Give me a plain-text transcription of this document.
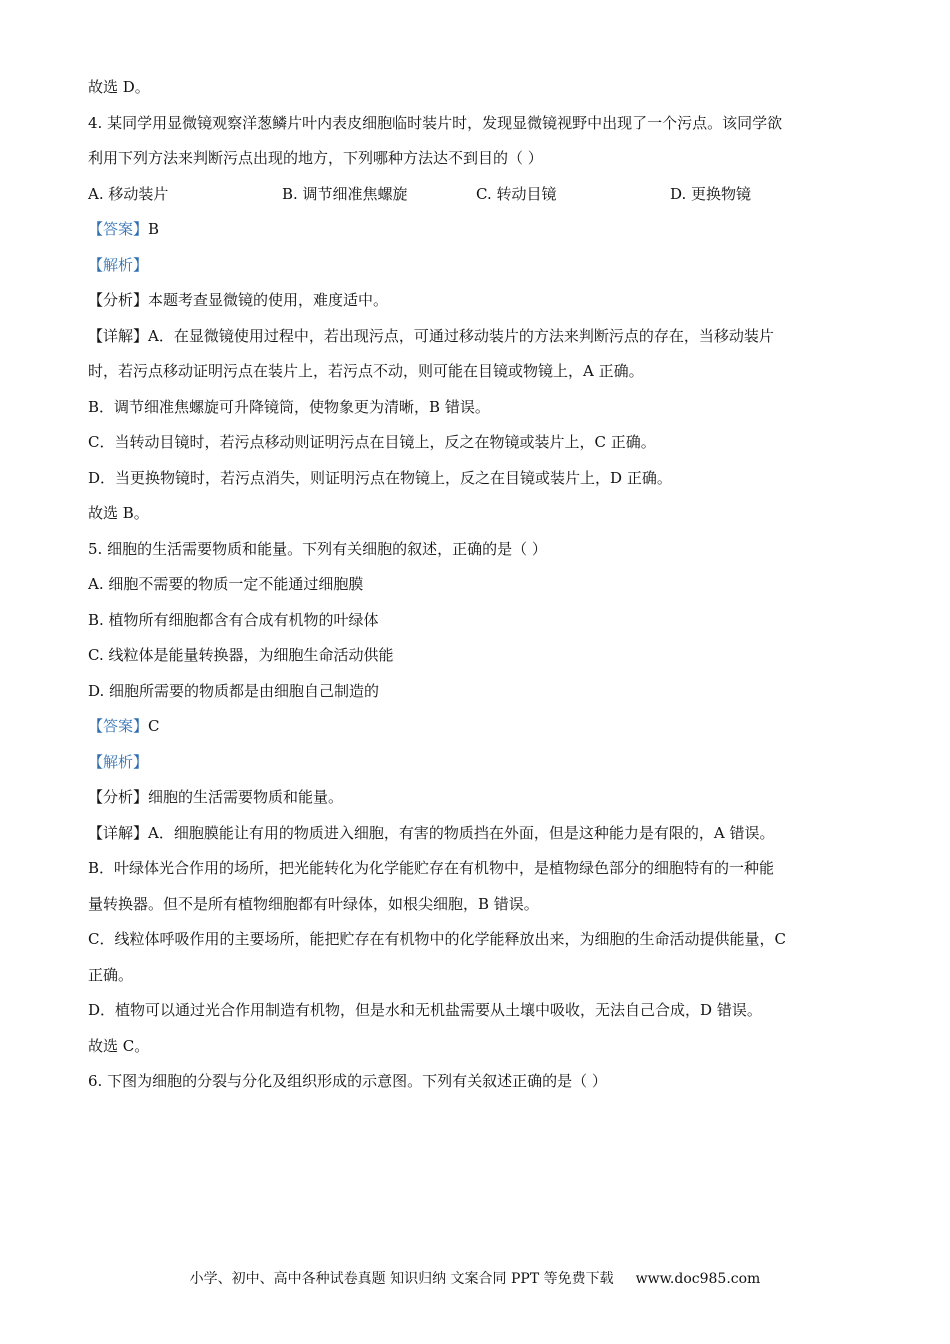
故选 D。
4. 某同学用显微镜观察洋葱鳞片叶内表皮细胞临时装片时，发现显微镜视野中出现了一个污点。该同学欲
利用下列方法来判断污点出现的地方，下列哪种方法达不到目的（ ）
A. 移动装片	B. 调节细准焦螺旋	C. 转动目镜	D. 更换物镜
【答案】B
【解析】
【分析】本题考查显微镜的使用，难度适中。
【详解】A．在显微镜使用过程中，若出现污点，可通过移动装片的方法来判断污点的存在，当移动装片
时，若污点移动证明污点在装片上，若污点不动，则可能在目镜或物镜上，A 正确。
B．调节细准焦螺旋可升降镜筒，使物象更为清晰，B 错误。
C．当转动目镜时，若污点移动则证明污点在目镜上，反之在物镜或装片上，C 正确。
D．当更换物镜时，若污点消失，则证明污点在物镜上，反之在目镜或装片上，D 正确。
故选 B。
5. 细胞的生活需要物质和能量。下列有关细胞的叙述，正确的是（ ）
A. 细胞不需要的物质一定不能通过细胞膜
B. 植物所有细胞都含有合成有机物的叶绿体
C. 线粒体是能量转换器，为细胞生命活动供能
D. 细胞所需要的物质都是由细胞自己制造的
【答案】C
【解析】
【分析】细胞的生活需要物质和能量。
【详解】A．细胞膜能让有用的物质进入细胞，有害的物质挡在外面，但是这种能力是有限的，A 错误。
B．叶绿体光合作用的场所，把光能转化为化学能贮存在有机物中，是植物绿色部分的细胞特有的一种能
量转换器。但不是所有植物细胞都有叶绿体，如根尖细胞，B 错误。
C．线粒体呼吸作用的主要场所，能把贮存在有机物中的化学能释放出来，为细胞的生命活动提供能量，C
正确。
D．植物可以通过光合作用制造有机物，但是水和无机盐需要从土壤中吸收，无法自己合成，D 错误。
故选 C。
6. 下图为细胞的分裂与分化及组织形成的示意图。下列有关叙述正确的是（ ）
小学、初中、高中各种试卷真题 知识归纳 文案合同 PPT 等免费下载 www.doc985.com
